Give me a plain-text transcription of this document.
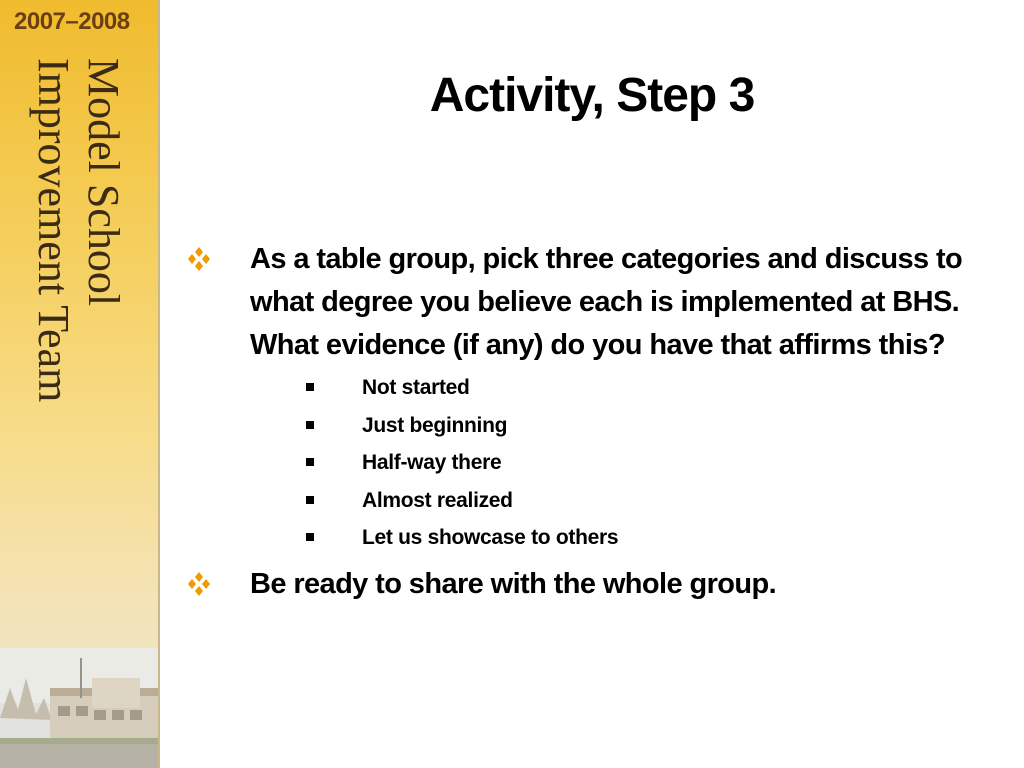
2007–2008
Model School
Improvement Team	Activity, Step 3
As a table group, pick three categories and discuss to what degree you believe each is implemented at BHS. What evidence (if any) do you have that affirms this?
Not started
Just beginning
Half-way there
Almost realized
Let us showcase to others
Be ready to share with the whole group.
